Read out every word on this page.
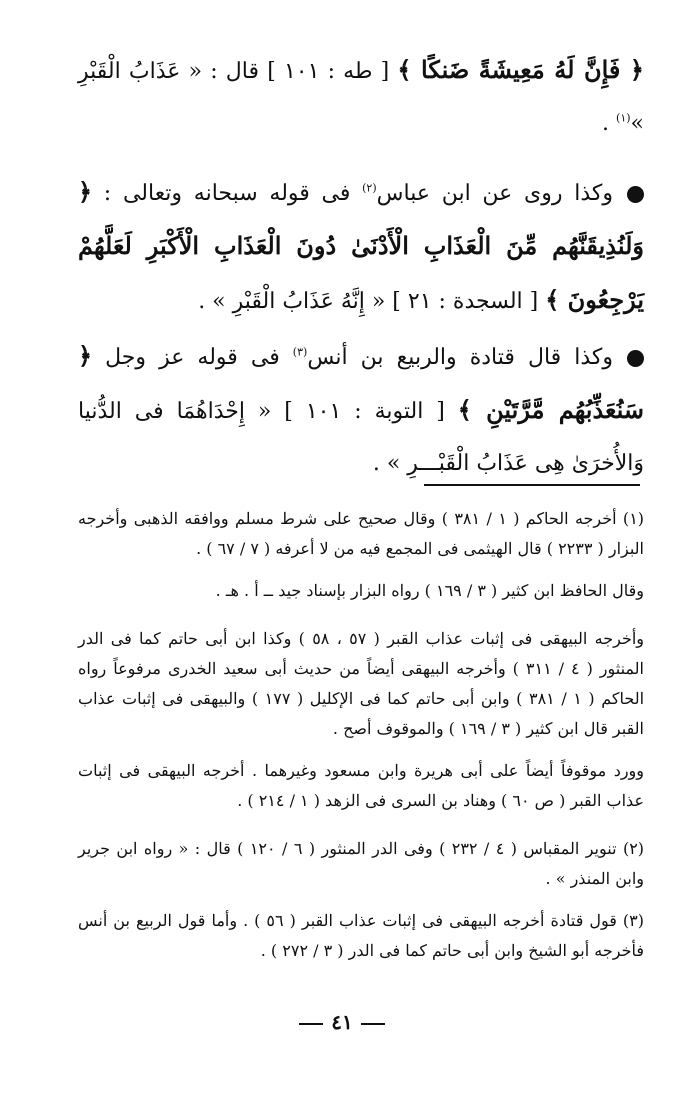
﴿ فَإِنَّ لَهُ مَعِيشَةً ضَنكًا ﴾ [ طه : ١٠١ ] قال : « عَذَابُ الْقَبْرِ »$^{(١)}$ .
وكذا روى عن ابن عباس$^{(٢)}$ فى قوله سبحانه وتعالى : ﴿ وَلَنُذِيقَنَّهُم مِّنَ الْعَذَابِ الْأَدْنَىٰ دُونَ الْعَذَابِ الْأَكْبَرِ لَعَلَّهُمْ يَرْجِعُونَ ﴾ [ السجدة : ٢١ ] « إِنَّهُ عَذَابُ الْقَبْرِ » .
وكذا قال قتادة والربيع بن أنس$^{(٣)}$ فى قوله عز وجل ﴿ سَنُعَذِّبُهُم مَّرَّتَيْنِ ﴾ [ التوبة : ١٠١ ] « إِحْدَاهُمَا فى الدُّنيا وَالأُخرَىٰ هِى عَذَابُ الْقَبْـــرِ » .
(١) أخرجه الحاكم ( ١ / ٣٨١ ) وقال صحيح على شرط مسلم ووافقه الذهبى وأخرجه البزار ( ٢٢٣٣ ) قال الهيثمى فى المجمع فيه من لا أعرفه ( ٧ / ٦٧ ) .
وقال الحافظ ابن كثير ( ٣ / ١٦٩ ) رواه البزار بإسناد جيد ــ أ . هـ .
وأخرجه البيهقى فى إثبات عذاب القبر ( ٥٧ ، ٥٨ ) وكذا ابن أبى حاتم كما فى الدر المنثور ( ٤ / ٣١١ ) وأخرجه البيهقى أيضاً من حديث أبى سعيد الخدرى مرفوعاً رواه الحاكم ( ١ / ٣٨١ ) وابن أبى حاتم كما فى الإكليل ( ١٧٧ ) والبيهقى فى إثبات عذاب القبر قال ابن كثير ( ٣ / ١٦٩ ) والموقوف أصح .
وورد موقوفاً أيضاً على أبى هريرة وابن مسعود وغيرهما . أخرجه البيهقى فى إثبات عذاب القبر ( ص ٦٠ ) وهناد بن السرى فى الزهد ( ١ / ٢١٤ ) .
(٢) تنوير المقباس ( ٤ / ٢٣٢ ) وفى الدر المنثور ( ٦ / ١٢٠ ) قال : « رواه ابن جرير وابن المنذر » .
(٣) قول قتادة أخرجه البيهقى فى إثبات عذاب القبر ( ٥٦ ) . وأما قول الربيع بن أنس فأخرجه أبو الشيخ وابن أبى حاتم كما فى الدر ( ٣ / ٢٧٢ ) .
٤١
